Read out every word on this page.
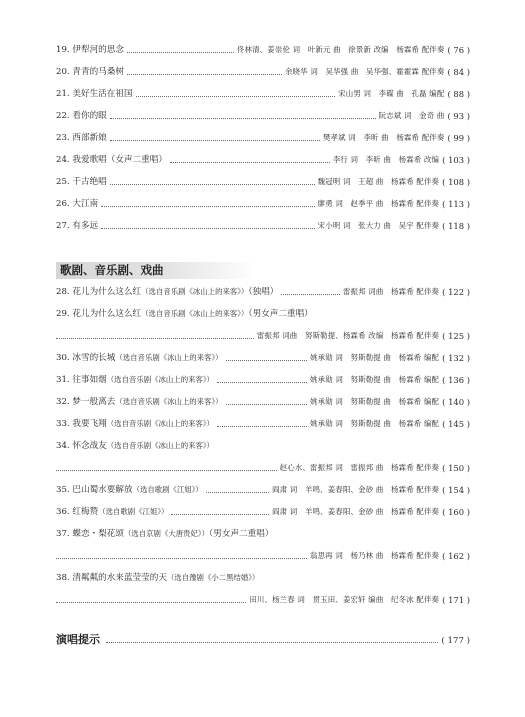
19. 伊犁河的思念	佟林清、姜崇伦 词　叶新元 曲　徐景新 改编　杨霖希 配伴奏 ( 76 )
20. 青青的马桑树	余晓华 词　吴华强 曲　吴华强、霍霍霖 配伴奏 ( 84 )
21. 美好生活在祖国	宋山男 词　李碟 曲　孔磊 编配 ( 88 )
22. 看你的眼	阮志斌 词　金奇 曲 ( 93 )
23. 西部新娘	樊孝斌 词　李昕 曲　杨霖希 配伴奏 ( 99 )
24. 我爱歌唱（女声二重唱）	李行 词　李昕 曲　杨霖希 改编 ( 103 )
25. 千古绝唱	魏冠明 词　王超 曲　杨霖希 配伴奏 ( 108 )
26. 大江南	廖勇 词　赵季平 曲　杨霖希 配伴奏 ( 113 )
27. 有多远	宋小明 词　张大力 曲　吴宇 配伴奏 ( 118 )
歌剧、音乐剧、戏曲
28. 花儿为什么这么红（选自音乐剧《冰山上的来客》）（独唱）	雷振邦 词曲　杨霖希 配伴奏 ( 122 )
29. 花儿为什么这么红（选自音乐剧《冰山上的来客》）（男女声二重唱）
雷振邦 词曲　努斯勒提、杨霖希 改编　杨霖希 配伴奏 ( 125 )
30. 冰雪的长城（选自音乐剧《冰山上的来客》）	姚承勋 词　努斯勒提 曲　杨霖希 编配 ( 132 )
31. 往事如烟（选自音乐剧《冰山上的来客》）	姚承勋 词　努斯勒提 曲　杨霖希 编配 ( 136 )
32. 梦一般离去（选自音乐剧《冰山上的来客》）	姚承勋 词　努斯勒提 曲　杨霖希 编配 ( 140 )
33. 我要飞翔（选自音乐剧《冰山上的来客》）	姚承勋 词　努斯勒提 曲　杨霖希 编配 ( 145 )
34. 怀念战友（选自音乐剧《冰山上的来客》）
赵心水、雷振邦 词　雷振邦 曲　杨霖希 配伴奏 ( 150 )
35. 巴山蜀水要解放（选自歌剧《江姐》）	阎肃 词　羊鸣、姜春阳、金砂 曲　杨霖希 配伴奏 ( 154 )
36. 红梅赞（选自歌剧《江姐》）	阎肃 词　羊鸣、姜春阳、金砂 曲　杨霖希 配伴奏 ( 160 )
37. 蝶恋・梨花颂（选自京剧《大唐贵妃》）（男女声二重唱）
翁思再 词　杨乃林 曲　杨霖希 配伴奏 ( 162 )
38. 清粼粼的水来蓝莹莹的天（选自豫剧《小二黑结婚》）
田川、杨兰春 词　贯玉田、姜宏轩 编曲　纪冬冰 配伴奏 ( 171 )
演唱提示	( 177 )
